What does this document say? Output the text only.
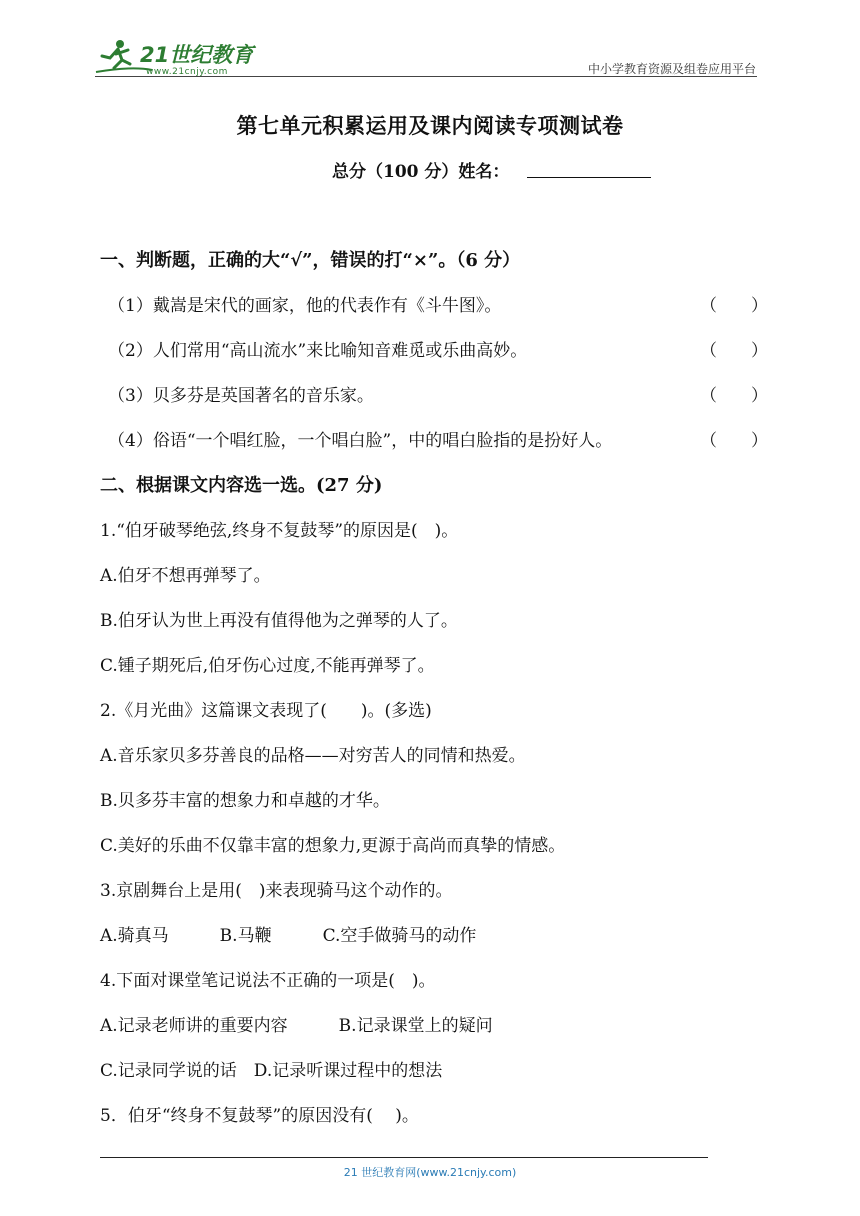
21世纪教育
www.21cnjy.com	中小学教育资源及组卷应用平台
第七单元积累运用及课内阅读专项测试卷
总分（100 分）姓名：
一、判断题，正确的大“√”，错误的打“×”。（6 分）
（1）戴嵩是宋代的画家，他的代表作有《斗牛图》。	（　　）
（2）人们常用“高山流水”来比喻知音难觅或乐曲高妙。	（　　）
（3）贝多芬是英国著名的音乐家。	（　　）
（4）俗语“一个唱红脸，一个唱白脸”，中的唱白脸指的是扮好人。	（　　）
二、根据课文内容选一选。(27 分)
1.“伯牙破琴绝弦,终身不复鼓琴”的原因是(　)。
A.伯牙不想再弹琴了。
B.伯牙认为世上再没有值得他为之弹琴的人了。
C.锺子期死后,伯牙伤心过度,不能再弹琴了。
2.《月光曲》这篇课文表现了(　　)。(多选)
A.音乐家贝多芬善良的品格——对穷苦人的同情和热爱。
B.贝多芬丰富的想象力和卓越的才华。
C.美好的乐曲不仅靠丰富的想象力,更源于高尚而真挚的情感。
3.京剧舞台上是用(　)来表现骑马这个动作的。
A.骑真马　　　B.马鞭　　　C.空手做骑马的动作
4.下面对课堂笔记说法不正确的一项是(　)。
A.记录老师讲的重要内容　　　B.记录课堂上的疑问
C.记录同学说的话　D.记录听课过程中的想法
5．伯牙“终身不复鼓琴”的原因没有(　 )。
21 世纪教育网(www.21cnjy.com)
